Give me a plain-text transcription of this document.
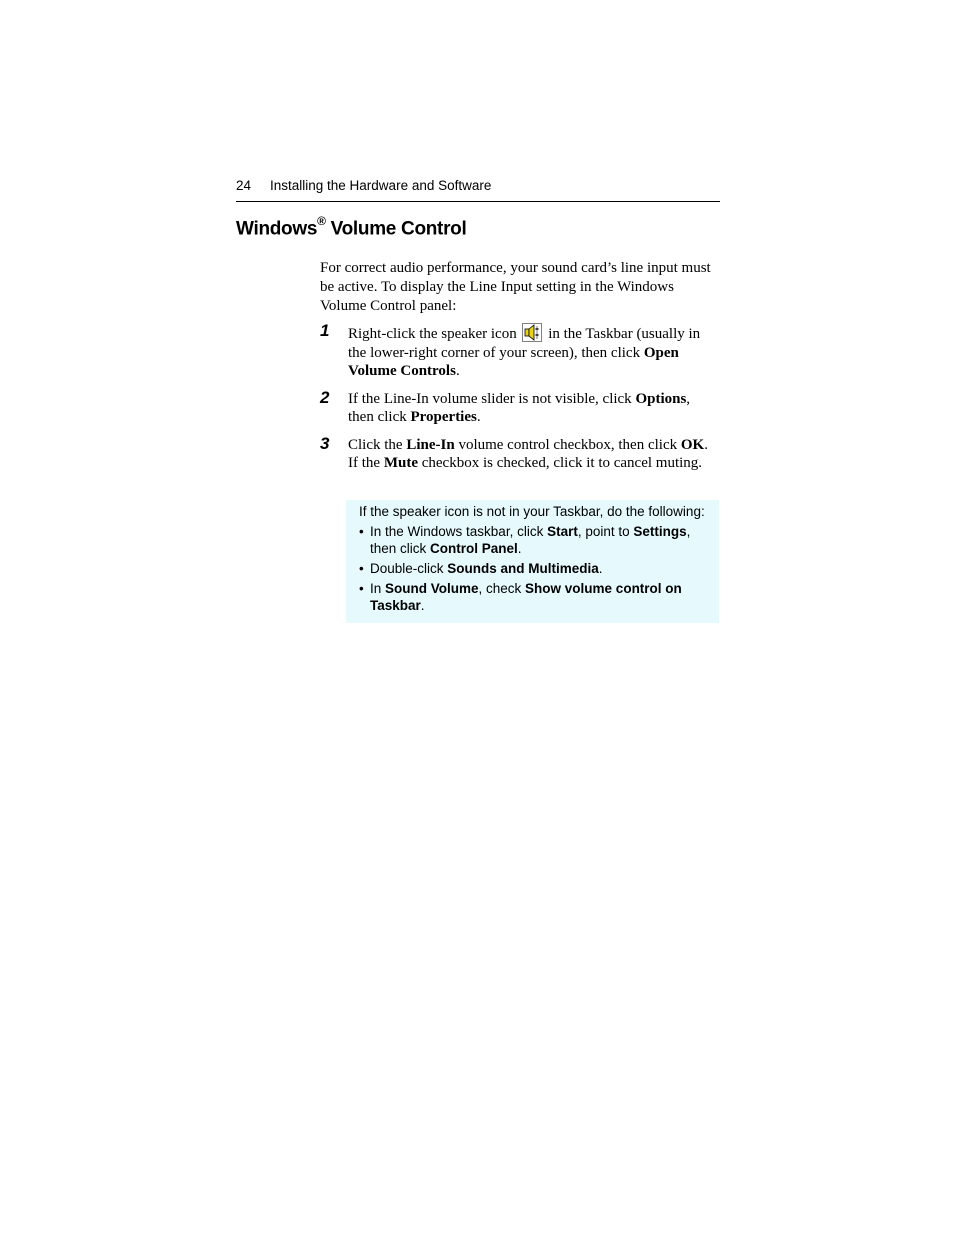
24 Installing the Hardware and Software
Windows® Volume Control

For correct audio performance, your sound card’s line input must be active. To display the Line Input setting in the Windows Volume Control panel:

1 Right-click the speaker icon  in the Taskbar (usually in the lower-right corner of your screen), then click Open Volume Controls.
2 If the Line-In volume slider is not visible, click Options, then click Properties.
3 Click the Line-In volume control checkbox, then click OK. If the Mute checkbox is checked, click it to cancel muting.

If the speaker icon is not in your Taskbar, do the following:

• In the Windows taskbar, click Start, point to Settings, then click Control Panel.
• Double-click Sounds and Multimedia.
• In Sound Volume, check Show volume control on Taskbar.
